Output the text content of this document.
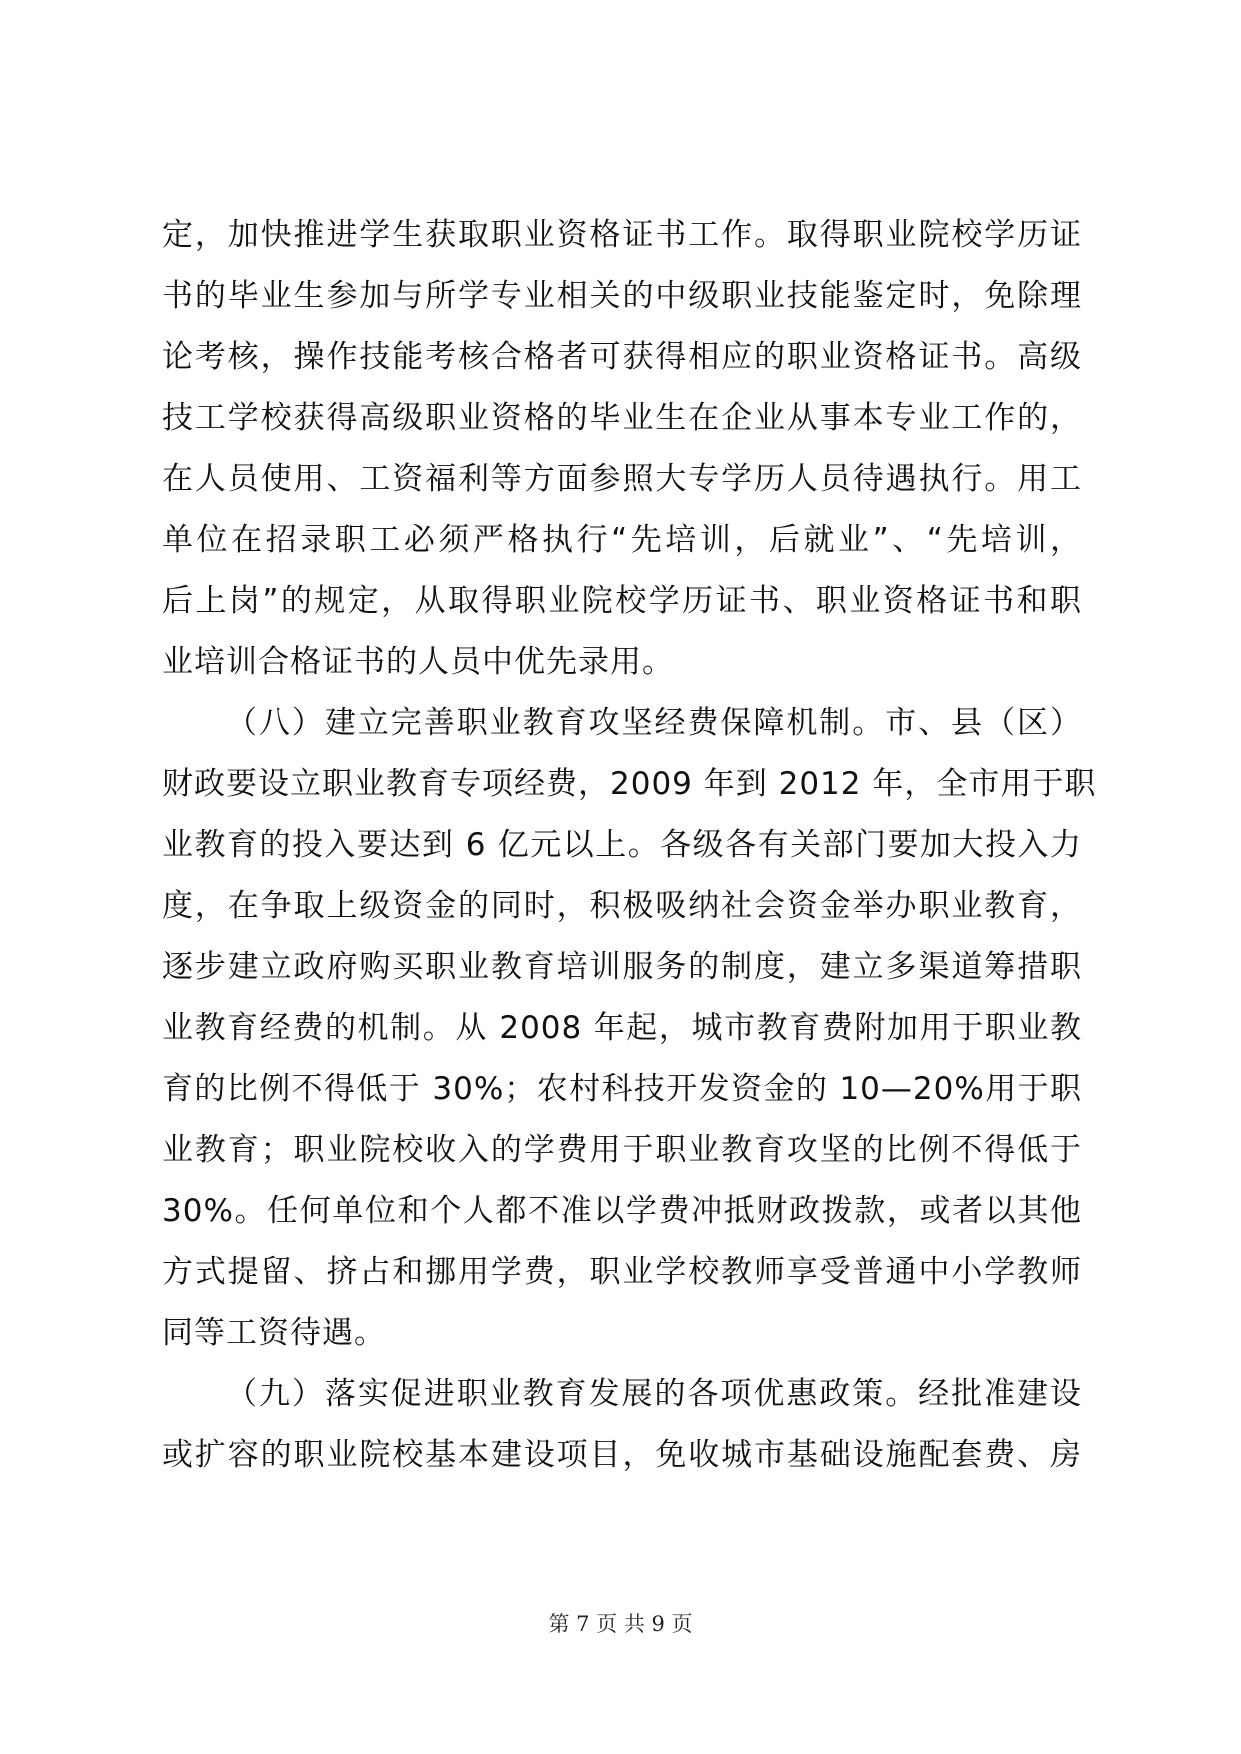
定，加快推进学生获取职业资格证书工作。取得职业院校学历证
书的毕业生参加与所学专业相关的中级职业技能鉴定时，免除理
论考核，操作技能考核合格者可获得相应的职业资格证书。高级
技工学校获得高级职业资格的毕业生在企业从事本专业工作的，
在人员使用、工资福利等方面参照大专学历人员待遇执行。用工
单位在招录职工必须严格执行“先培训，后就业”、“先培训，
后上岗”的规定，从取得职业院校学历证书、职业资格证书和职
业培训合格证书的人员中优先录用。
（八）建立完善职业教育攻坚经费保障机制。市、县（区）
财政要设立职业教育专项经费，2009 年到 2012 年，全市用于职
业教育的投入要达到 6 亿元以上。各级各有关部门要加大投入力
度，在争取上级资金的同时，积极吸纳社会资金举办职业教育，
逐步建立政府购买职业教育培训服务的制度，建立多渠道筹措职
业教育经费的机制。从 2008 年起，城市教育费附加用于职业教
育的比例不得低于 30%；农村科技开发资金的 10—20%用于职
业教育；职业院校收入的学费用于职业教育攻坚的比例不得低于
30%。任何单位和个人都不准以学费冲抵财政拨款，或者以其他
方式提留、挤占和挪用学费，职业学校教师享受普通中小学教师
同等工资待遇。
（九）落实促进职业教育发展的各项优惠政策。经批准建设
或扩容的职业院校基本建设项目，免收城市基础设施配套费、房
第 7 页 共 9 页
